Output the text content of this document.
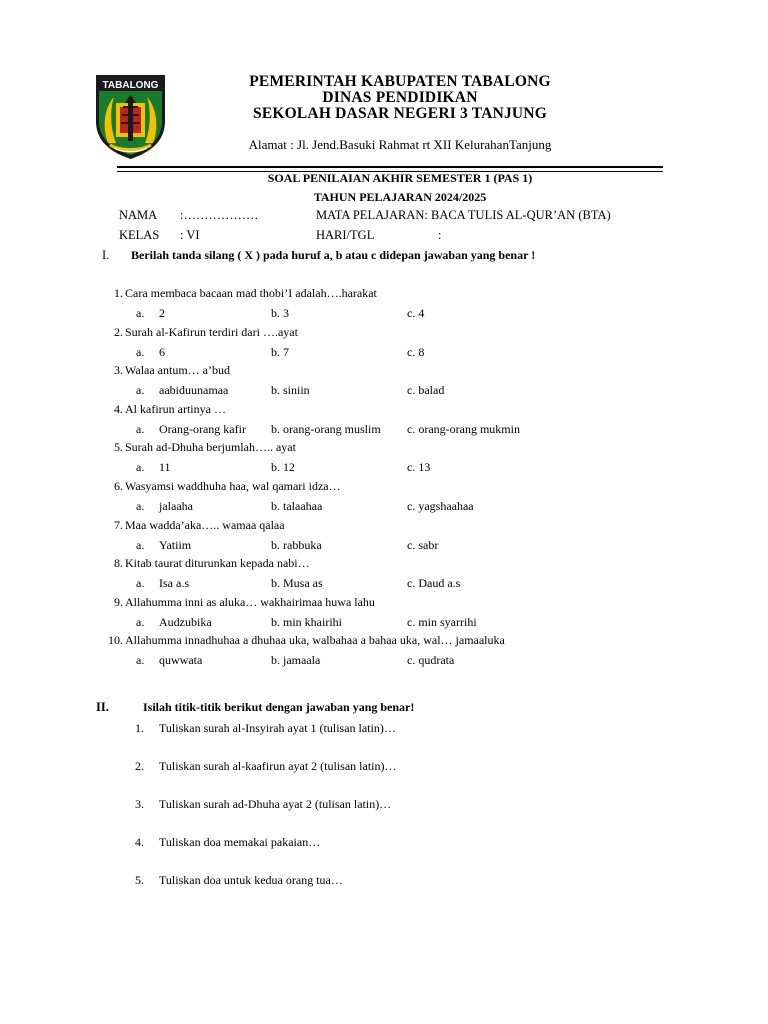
TABALONG	PEMERINTAH KABUPATEN TABALONG
DINAS PENDIDIKAN
SEKOLAH DASAR NEGERI 3 TANJUNG
Alamat : Jl. Jend.Basuki Rahmat rt XII KelurahanTanjung
SOAL PENILAIAN AKHIR SEMESTER 1 (PAS 1)
TAHUN PELAJARAN 2024/2025
NAMA :………………	MATA PELAJARAN: BACA TULIS AL-QUR’AN (BTA)
KELAS : VI	HARI/TGL	:
I. Berilah tanda silang ( X ) pada huruf a, b atau c didepan jawaban yang benar !
1. Cara membaca bacaan mad thobi’I adalah….harakat
a. 2	b. 3	c. 4
2. Surah al-Kafirun terdiri dari ….ayat
a. 6	b. 7	c. 8
3. Walaa antum… a’bud
a. aabiduunamaa	b. siniin	c. balad
4. Al kafirun artinya …
a. Orang-orang kafir b. orang-orang muslim c. orang-orang mukmin
5. Surah ad-Dhuha berjumlah….. ayat
a. 11	b. 12	c. 13
6. Wasyamsi waddhuha haa, wal qamari idza…
a. jalaaha	b. talaahaa	c. yagshaahaa
7. Maa wadda’aka….. wamaa qalaa
a. Yatiim	b. rabbuka	c. sabr
8. Kitab taurat diturunkan kepada nabi…
a. Isa a.s	b. Musa as	c. Daud a.s
9. Allahumma inni as aluka… wakhairimaa huwa lahu
a. Audzubika	b. min khairihi	c. min syarrihi
10. Allahumma innadhuhaa a dhuhaa uka, walbahaa a bahaa uka, wal… jamaaluka
a. quwwata	b. jamaala	c. qudrata
II.	Isilah titik-titik berikut dengan jawaban yang benar!
1. Tuliskan surah al-Insyirah ayat 1 (tulisan latin)…
2. Tuliskan surah al-kaafirun ayat 2 (tulisan latin)…
3. Tuliskan surah ad-Dhuha ayat 2 (tulisan latin)…
4. Tuliskan doa memakai pakaian…
5. Tuliskan doa untuk kedua orang tua…
